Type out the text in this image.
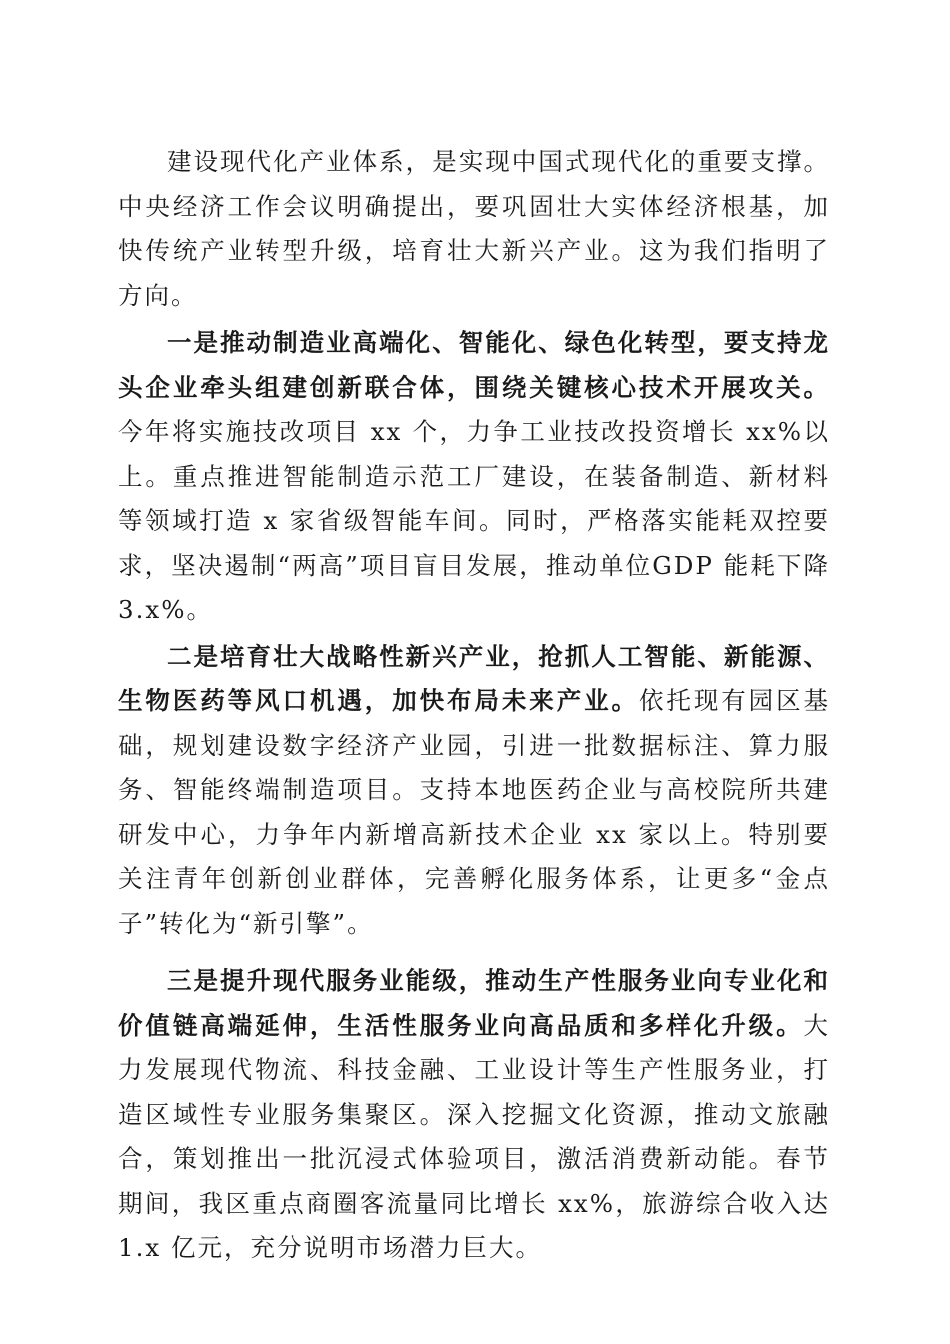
建设现代化产业体系，是实现中国式现代化的重要支撑。中央经济工作会议明确提出，要巩固壮大实体经济根基，加快传统产业转型升级，培育壮大新兴产业。这为我们指明了方向。

一是推动制造业高端化、智能化、绿色化转型，要支持龙头企业牵头组建创新联合体，围绕关键核心技术开展攻关。今年将实施技改项目 xx 个，力争工业技改投资增长 xx%以上。重点推进智能制造示范工厂建设，在装备制造、新材料等领域打造 x 家省级智能车间。同时，严格落实能耗双控要求，坚决遏制“两高”项目盲目发展，推动单位GDP 能耗下降 3.x%。

二是培育壮大战略性新兴产业，抢抓人工智能、新能源、生物医药等风口机遇，加快布局未来产业。依托现有园区基础，规划建设数字经济产业园，引进一批数据标注、算力服务、智能终端制造项目。支持本地医药企业与高校院所共建研发中心，力争年内新增高新技术企业 xx 家以上。特别要关注青年创新创业群体，完善孵化服务体系，让更多“金点子”转化为“新引擎”。

三是提升现代服务业能级，推动生产性服务业向专业化和价值链高端延伸，生活性服务业向高品质和多样化升级。大力发展现代物流、科技金融、工业设计等生产性服务业，打造区域性专业服务集聚区。深入挖掘文化资源，推动文旅融合，策划推出一批沉浸式体验项目，激活消费新动能。春节期间，我区重点商圈客流量同比增长 xx%，旅游综合收入达 1.x 亿元，充分说明市场潜力巨大。
